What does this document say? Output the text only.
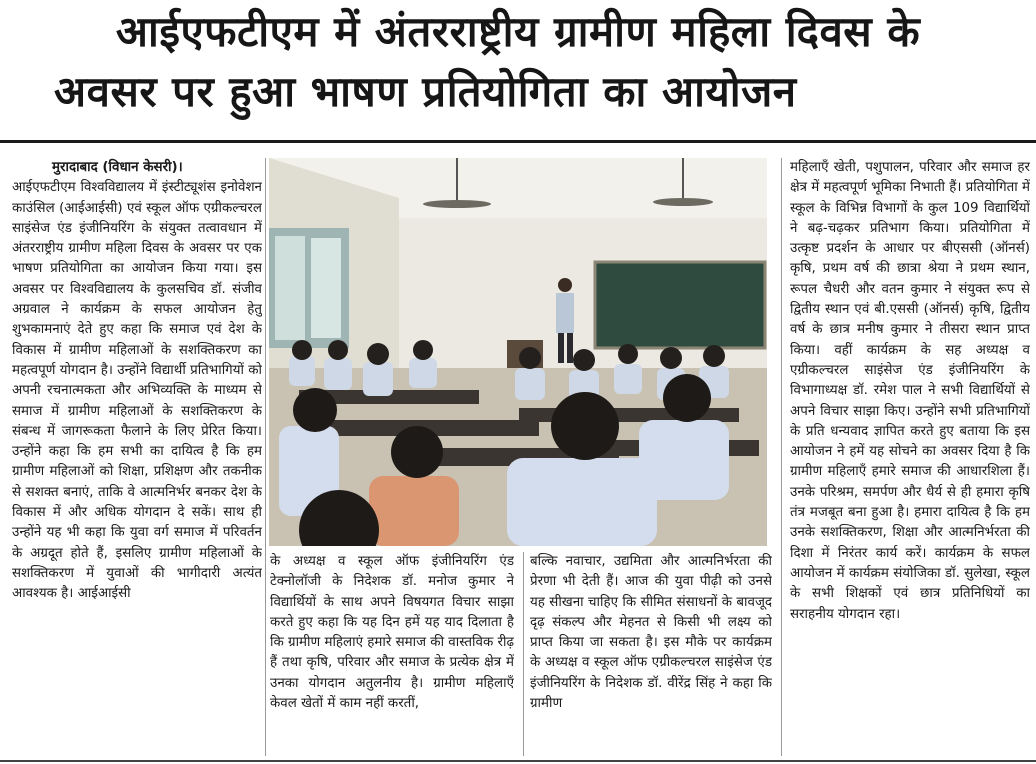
आईएफटीएम में अंतरराष्ट्रीय ग्रामीण महिला दिवस के
अवसर पर हुआ भाषण प्रतियोगिता का आयोजन

मुरादाबाद (विधान केसरी)।

आईएफटीएम विश्वविद्यालय में इंस्टीट्यूशंस इनोवेशन काउंसिल (आईआईसी) एवं स्कूल ऑफ एग्रीकल्चरल साइंसेज एंड इंजीनियरिंग के संयुक्त तत्वावधान में अंतरराष्ट्रीय ग्रामीण महिला दिवस के अवसर पर एक भाषण प्रतियोगिता का आयोजन किया गया। इस अवसर पर विश्वविद्यालय के कुलसचिव डॉ. संजीव अग्रवाल ने कार्यक्रम के सफल आयोजन हेतु शुभकामनाएं देते हुए कहा कि समाज एवं देश के विकास में ग्रामीण महिलाओं के सशक्तिकरण का महत्वपूर्ण योगदान है। उन्होंने विद्यार्थी प्रतिभागियों को अपनी रचनात्मकता और अभिव्यक्ति के माध्यम से समाज में ग्रामीण महिलाओं के सशक्तिकरण के संबन्ध में जागरूकता फैलाने के लिए प्रेरित किया। उन्होंने कहा कि हम सभी का दायित्व है कि हम ग्रामीण महिलाओं को शिक्षा, प्रशिक्षण और तकनीक से सशक्त बनाएं, ताकि वे आत्मनिर्भर बनकर देश के विकास में और अधिक योगदान दे सकें। साथ ही उन्होंने यह भी कहा कि युवा वर्ग समाज में परिवर्तन के अग्रदूत होते हैं, इसलिए ग्रामीण महिलाओं के सशक्तिकरण में युवाओं की भागीदारी अत्यंत आवश्यक है। आईआईसी

के अध्यक्ष व स्कूल ऑफ इंजीनियरिंग एंड टेक्नोलॉजी के निदेशक डॉ. मनोज कुमार ने विद्यार्थियों के साथ अपने विषयगत विचार साझा करते हुए कहा कि यह दिन हमें यह याद दिलाता है कि ग्रामीण महिलाएं हमारे समाज की वास्तविक रीढ़ हैं तथा कृषि, परिवार और समाज के प्रत्येक क्षेत्र में उनका योगदान अतुलनीय है। ग्रामीण महिलाएँ केवल खेतों में काम नहीं करतीं,

बल्कि नवाचार, उद्यमिता और आत्मनिर्भरता की प्रेरणा भी देती हैं। आज की युवा पीढ़ी को उनसे यह सीखना चाहिए कि सीमित संसाधनों के बावजूद दृढ़ संकल्प और मेहनत से किसी भी लक्ष्य को प्राप्त किया जा सकता है। इस मौके पर कार्यक्रम के अध्यक्ष व स्कूल ऑफ एग्रीकल्चरल साइंसेज एंड इंजीनियरिंग के निदेशक डॉ. वीरेंद्र सिंह ने कहा कि ग्रामीण

महिलाएँ खेती, पशुपालन, परिवार और समाज हर क्षेत्र में महत्वपूर्ण भूमिका निभाती हैं। प्रतियोगिता में स्कूल के विभिन्न विभागों के कुल 109 विद्यार्थियों ने बढ़-चढ़कर प्रतिभाग किया। प्रतियोगिता में उत्कृष्ट प्रदर्शन के आधार पर बीएससी (ऑनर्स) कृषि, प्रथम वर्ष की छात्रा श्रेया ने प्रथम स्थान, रूपल चैधरी और वतन कुमार ने संयुक्त रूप से द्वितीय स्थान एवं बी.एससी (ऑनर्स) कृषि, द्वितीय वर्ष के छात्र मनीष कुमार ने तीसरा स्थान प्राप्त किया। वहीं कार्यक्रम के सह अध्यक्ष व एग्रीकल्चरल साइंसेज एंड इंजीनियरिंग के विभागाध्यक्ष डॉ. रमेश पाल ने सभी विद्यार्थियों से अपने विचार साझा किए। उन्होंने सभी प्रतिभागियों के प्रति धन्यवाद ज्ञापित करते हुए बताया कि इस आयोजन ने हमें यह सोचने का अवसर दिया है कि ग्रामीण महिलाएँ हमारे समाज की आधारशिला हैं। उनके परिश्रम, समर्पण और धैर्य से ही हमारा कृषि तंत्र मजबूत बना हुआ है। हमारा दायित्व है कि हम उनके सशक्तिकरण, शिक्षा और आत्मनिर्भरता की दिशा में निरंतर कार्य करें। कार्यक्रम के सफल आयोजन में कार्यक्रम संयोजिका डॉ. सुलेखा, स्कूल के सभी शिक्षकों एवं छात्र प्रतिनिधियों का सराहनीय योगदान रहा।
